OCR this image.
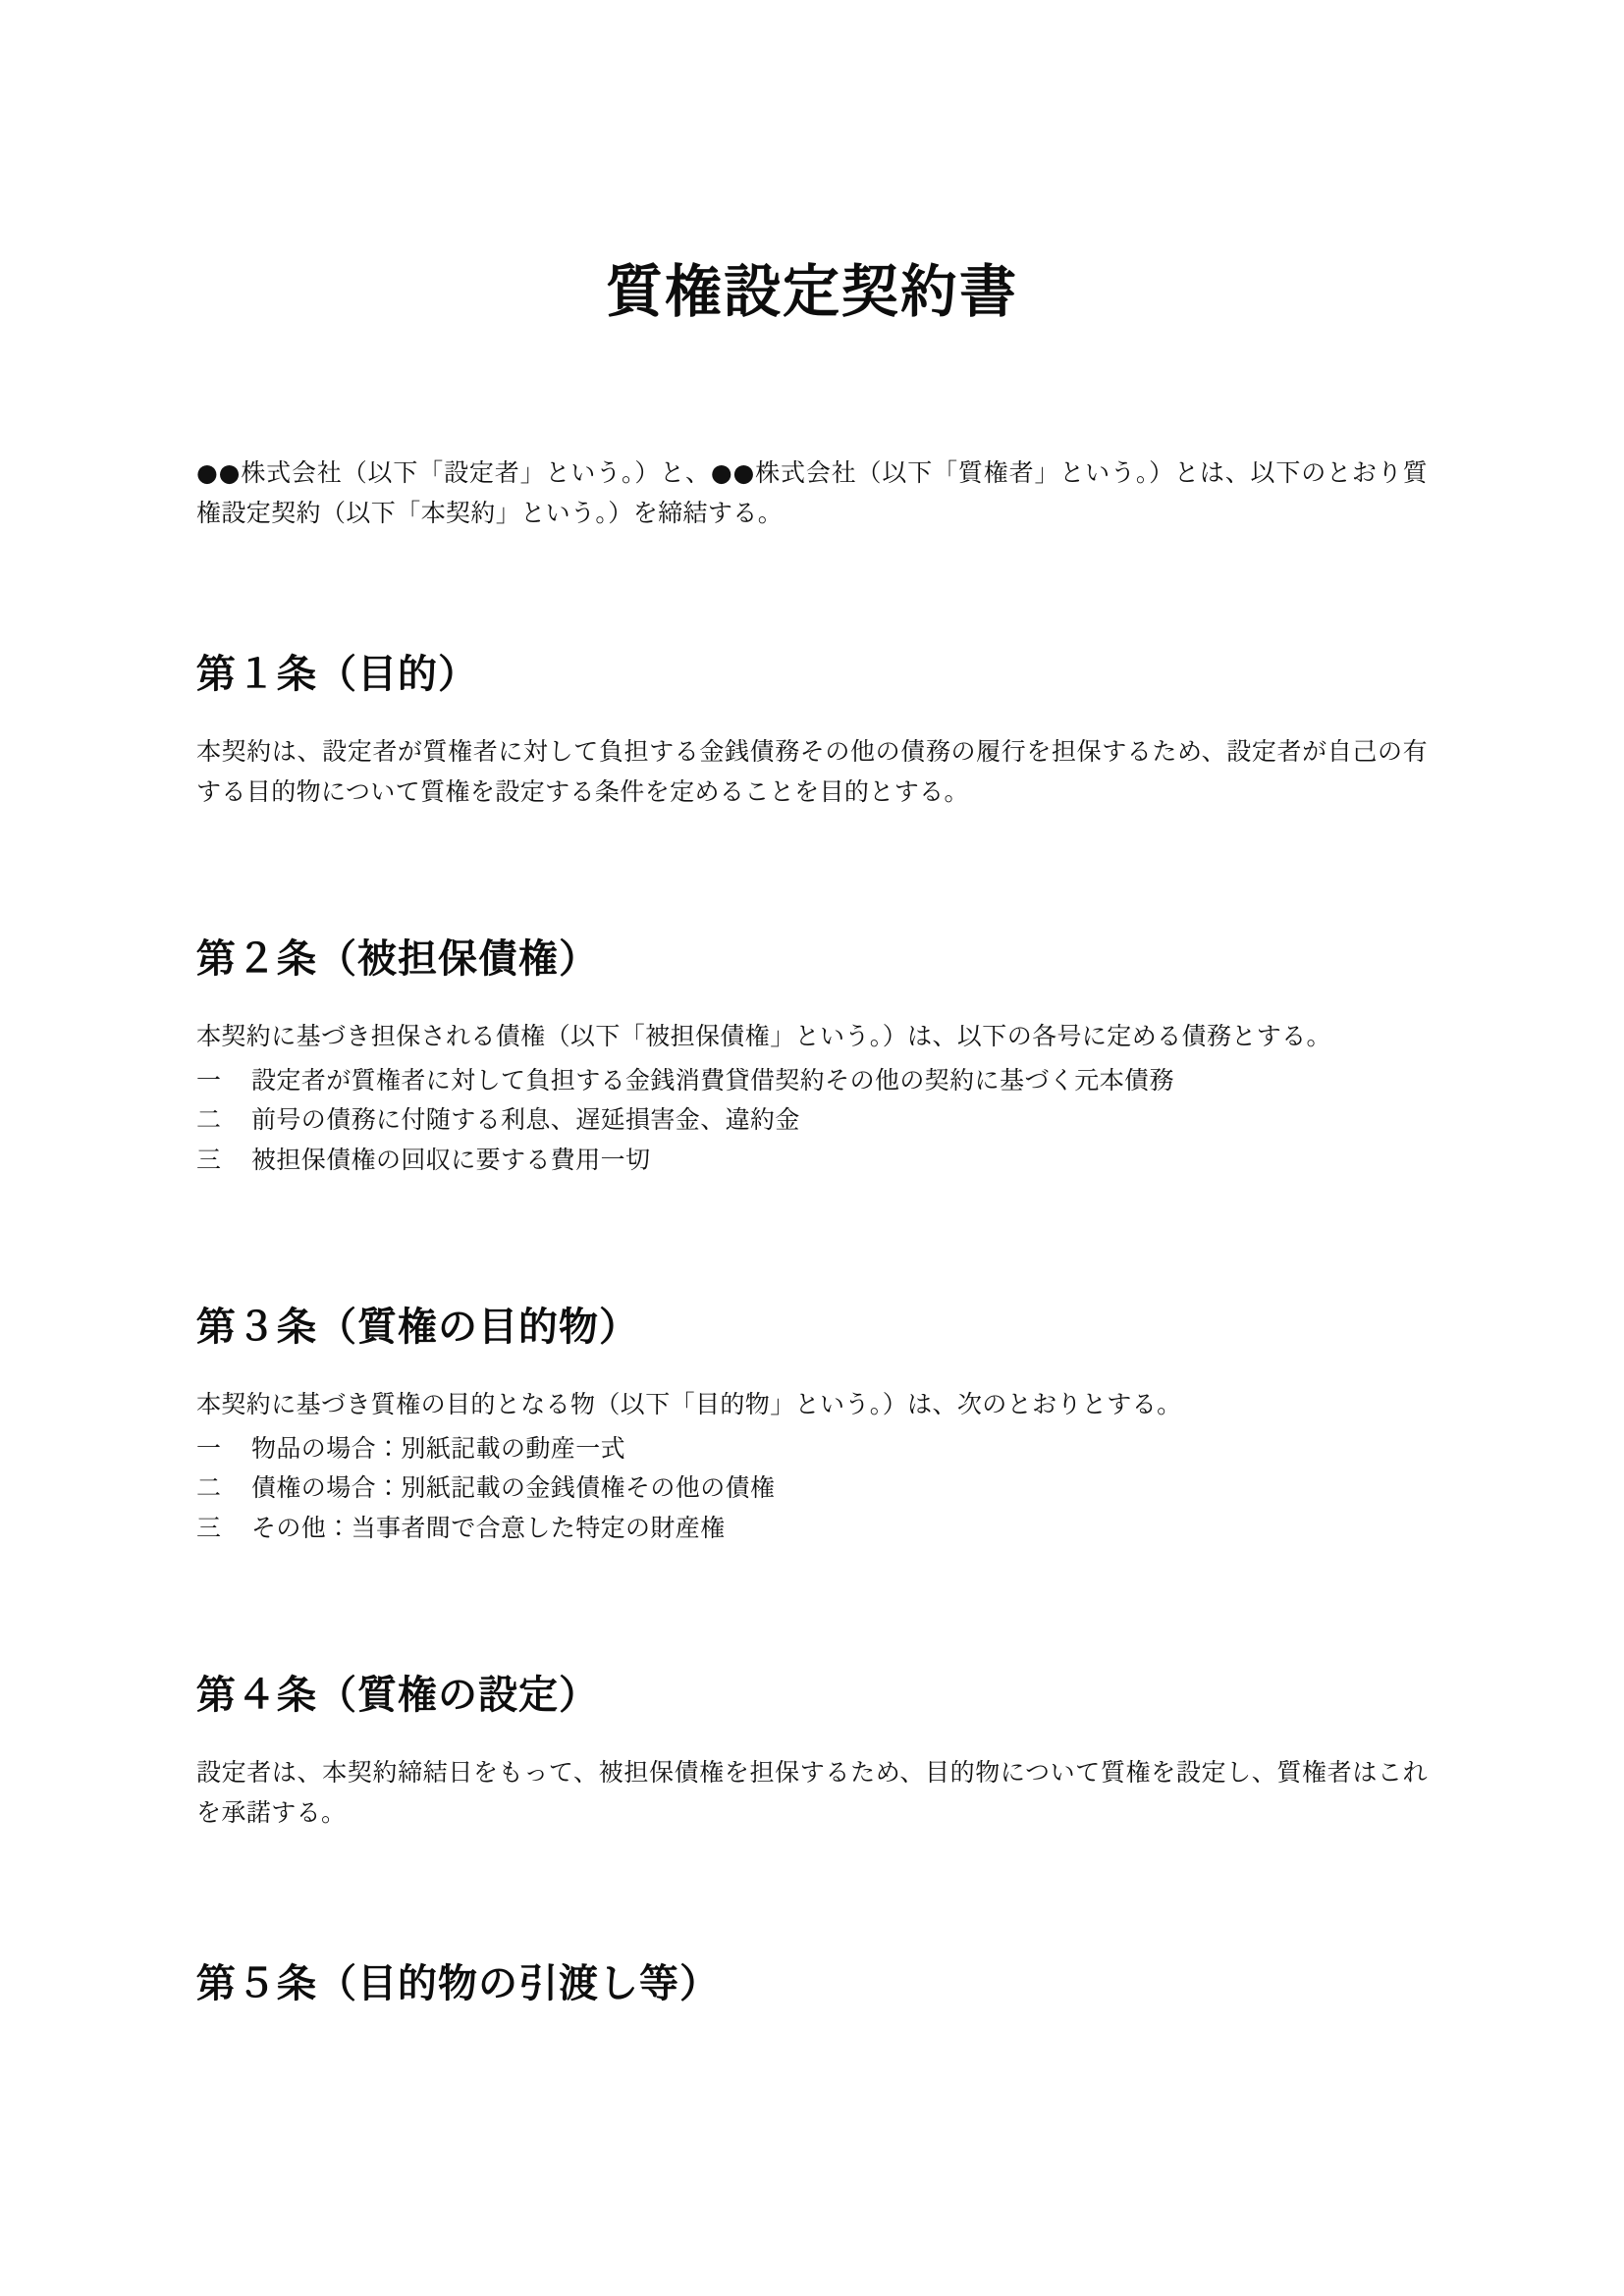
質権設定契約書

●●株式会社（以下「設定者」という。）と、●●株式会社（以下「質権者」という。）とは、以下のとおり質権設定契約（以下「本契約」という。）を締結する。

第１条（目的）

本契約は、設定者が質権者に対して負担する金銭債務その他の債務の履行を担保するため、設定者が自己の有する目的物について質権を設定する条件を定めることを目的とする。

第２条（被担保債権）

本契約に基づき担保される債権（以下「被担保債権」という。）は、以下の各号に定める債務とする。

一	設定者が質権者に対して負担する金銭消費貸借契約その他の契約に基づく元本債務
二	前号の債務に付随する利息、遅延損害金、違約金
三	被担保債権の回収に要する費用一切
第３条（質権の目的物）

本契約に基づき質権の目的となる物（以下「目的物」という。）は、次のとおりとする。

一	物品の場合：別紙記載の動産一式
二	債権の場合：別紙記載の金銭債権その他の債権
三	その他：当事者間で合意した特定の財産権
第４条（質権の設定）

設定者は、本契約締結日をもって、被担保債権を担保するため、目的物について質権を設定し、質権者はこれを承諾する。

第５条（目的物の引渡し等）
